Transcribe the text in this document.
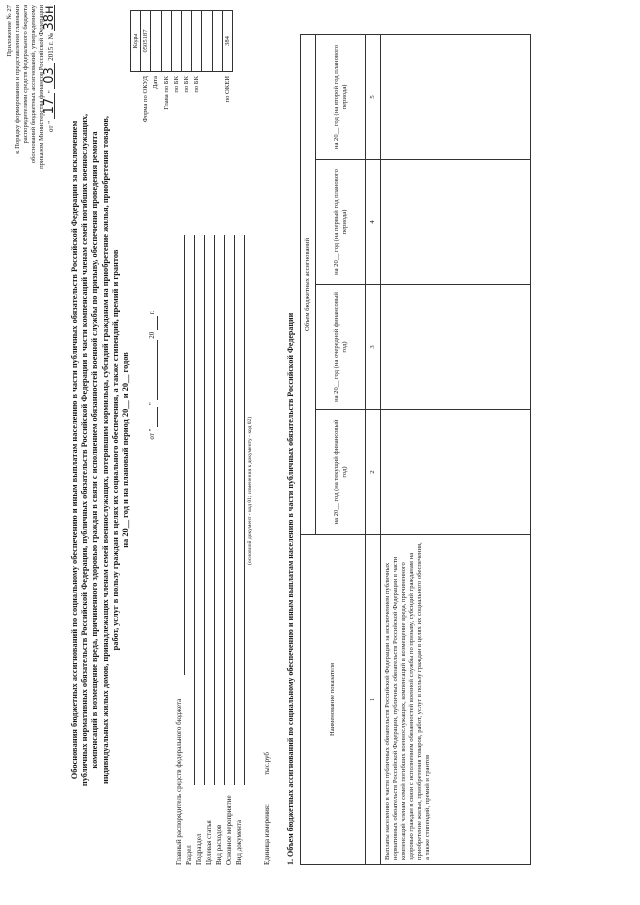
Приложение № 27 к Порядку формирования и представления главными распорядителями средств федерального бюджета обоснований бюджетных ассигнований, утвержденному приказом Министерства финансов Российской Федерации от " 17" 03 2015 г. № 38н
Обоснования бюджетных ассигнований по социальному обеспечению и иным выплатам населению в части публичных обязательств Российской Федерации за исключением публичных нормативных обязательств Российской Федерации, публичных обязательств Российской Федерации в части компенсаций членам семей погибших военнослужащих, компенсаций в возмещение вреда, причиненного здоровью граждан в связи с исполнением обязанностей военной службы по призыву, обеспечения проведения ремонта индивидуальных жилых домов, принадлежащих членам семей военнослужащих, потерявшим кормильца, субсидий гражданам на приобретение жилья, приобретения товаров, работ, услуг в пользу граждан в целях их социального обеспечения, а также стипендий, премий и грантов на 20__ год и на плановый период 20__ и 20__ годов	от "   "   20   г.
	Коды
Форма по ОКУД	0505187
Дата	
Глава по БК	
по БК	
по БК	
по БК	

по ОКЕИ	384
Главный распорядитель средств федерального бюджета Раздел Подраздел Целевая статья Вид расходов Основное мероприятие Вид документа
(основной документ - код 01; изменения к документу - код 02)
Единица измерения:
тыс.руб 1. Объем бюджетных ассигнований по социальному обеспечению и иным выплатам населению в части публичных обязательств Российской Федерации	Наименование показателя	Объем бюджетных ассигнований			
	на 20__ год (на текущий финансовый год)	на 20__ год (на очередной финансовый год)	на 20__ год (на первый год планового периода)	на 20__ год (на второй год планового периода)
1	2	3	4	5
Выплаты населению в части публичных обязательств Российской Федерации за исключением публичных нормативных обязательств Российской Федерации, публичных обязательств Российской Федерации в части компенсаций членам семей погибших военнослужащих, компенсаций в возмещение вреда, причиненного здоровью граждан в связи с исполнением обязанностей военной службы по призыву, субсидий гражданам на приобретение жилья, приобретения товаров, работ, услуг в пользу граждан в целях их социального обеспечения, а также стипендий, премий и грантов				
